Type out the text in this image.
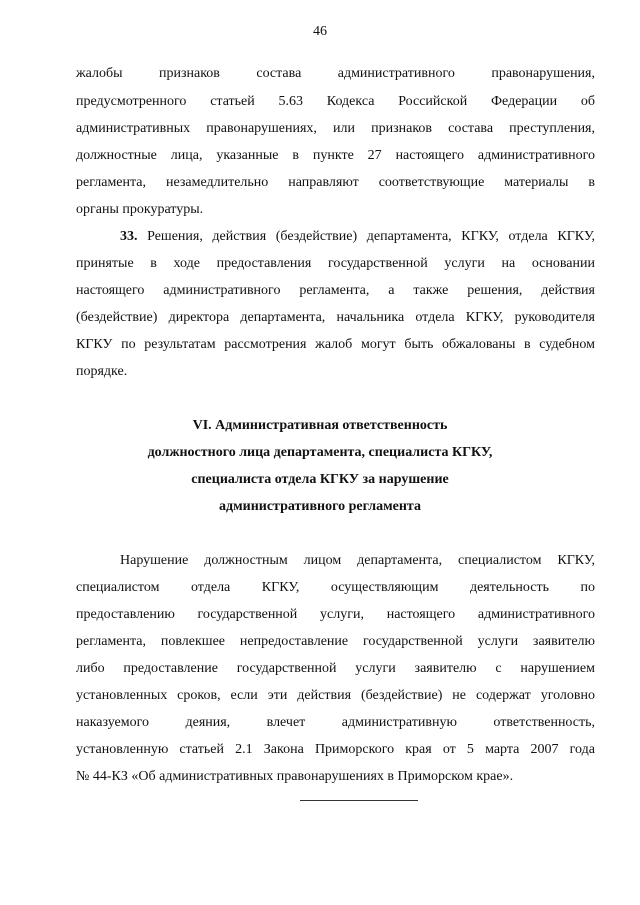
46
жалобы признаков состава административного правонарушения,
предусмотренного статьей 5.63 Кодекса Российской Федерации об
административных правонарушениях, или признаков состава преступления,
должностные лица, указанные в пункте 27 настоящего административного
регламента, незамедлительно направляют соответствующие материалы в
органы прокуратуры.
33. Решения, действия (бездействие) департамента, КГКУ, отдела КГКУ,
принятые в ходе предоставления государственной услуги на основании
настоящего административного регламента, а также решения, действия
(бездействие) директора департамента, начальника отдела КГКУ, руководителя
КГКУ по результатам рассмотрения жалоб могут быть обжалованы в судебном
порядке.
VI. Административная ответственность
должностного лица департамента, специалиста КГКУ,
специалиста отдела КГКУ за нарушение
административного регламента
Нарушение должностным лицом департамента, специалистом КГКУ,
специалистом отдела КГКУ, осуществляющим деятельность по
предоставлению государственной услуги, настоящего административного
регламента, повлекшее непредоставление государственной услуги заявителю
либо предоставление государственной услуги заявителю с нарушением
установленных сроков, если эти действия (бездействие) не содержат уголовно
наказуемого деяния, влечет административную ответственность,
установленную статьей 2.1 Закона Приморского края от 5 марта 2007 года
№ 44-КЗ «Об административных правонарушениях в Приморском крае».
